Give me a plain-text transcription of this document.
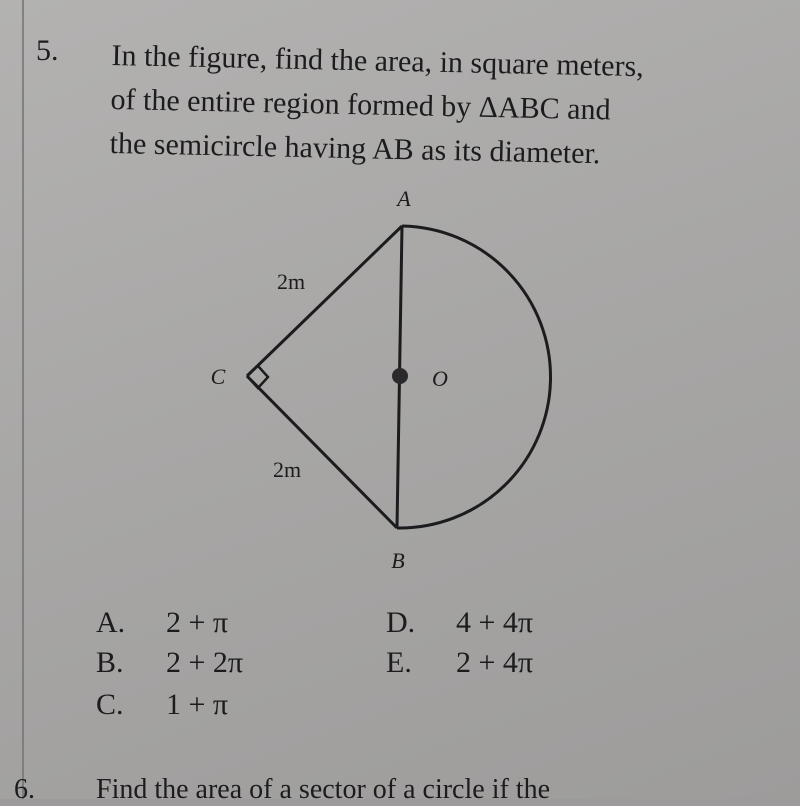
5. In the figure, find the area, in square meters,
of the entire region formed by ΔABC and
the semicircle having AB as its diameter.
A
B
C	O
2m
2m
A. 2 + π
B. 2 + 2π
C. 1 + π
D. 4 + 4π
E. 2 + 4π
6. Find the area of a sector of a circle if the
